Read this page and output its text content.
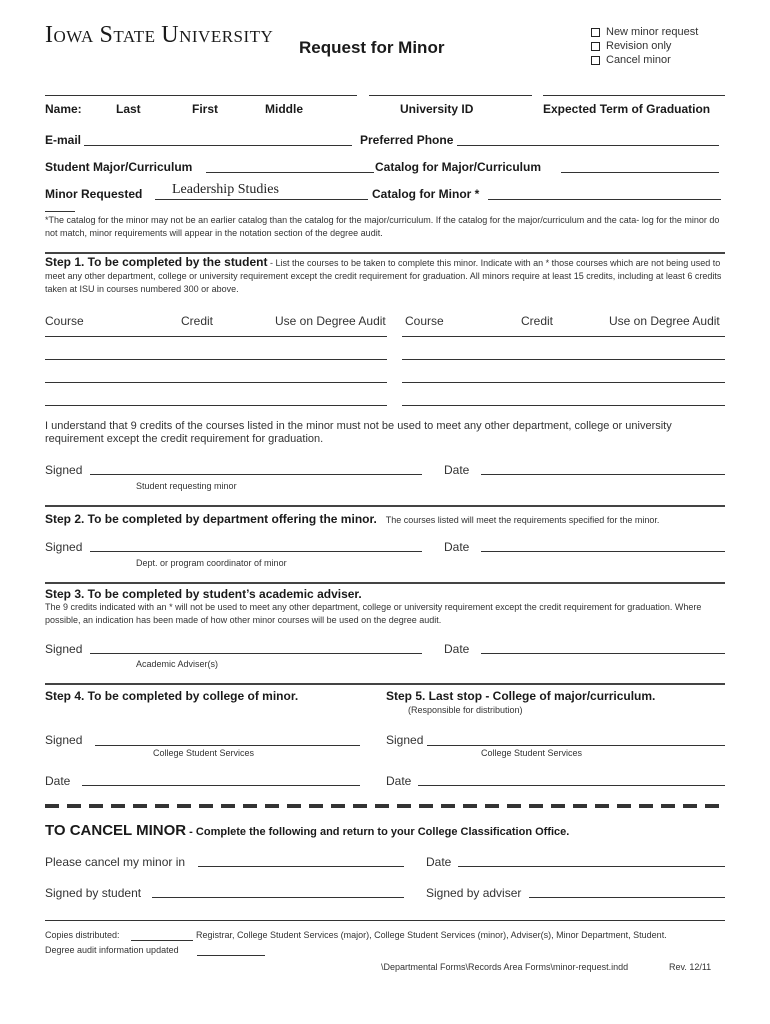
IOWA STATE UNIVERSITY
Request for Minor
New minor request
Revision only
Cancel minor
Name:	Last	First	Middle	University ID	Expected Term of Graduation
E-mail	Preferred Phone
Student Major/Curriculum	Catalog for Major/Curriculum
Minor Requested Leadership Studies	Catalog for Minor *
*The catalog for the minor may not be an earlier catalog than the catalog for the major/curriculum. If the catalog for the major/curriculum and the cata- log for the minor do not match, minor requirements will appear in the notation section of the degree audit.
Step 1. To be completed by the student - List the courses to be taken to complete this minor. Indicate with an * those courses which are not being used to meet any other department, college or university requirement except the credit requirement for graduation. All minors require at least 15 credits, including at least 6 credits taken at ISU in courses numbered 300 or above.
Course	Credit	Use on Degree Audit Course	Credit	Use on Degree Audit
I understand that 9 credits of the courses listed in the minor must not be used to meet any other department, college or university requirement except the credit requirement for graduation.
Signed	Date
Student requesting minor
Step 2. To be completed by department offering the minor. The courses listed will meet the requirements specified for the minor.
Signed	Date
Dept. or program coordinator of minor
Step 3. To be completed by student’s academic adviser.
The 9 credits indicated with an * will not be used to meet any other department, college or university requirement except the credit requirement for graduation. Where possible, an indication has been made of how other minor courses will be used on the degree audit.
Signed	Date
Academic Adviser(s)
Step 4. To be completed by college of minor.	Step 5. Last stop - College of major/curriculum.
(Responsible for distribution)
Signed
College Student Services
Signed
College Student Services
Date	Date
TO CANCEL MINOR - Complete the following and return to your College Classification Office.
Please cancel my minor in	Date
Signed by student	Signed by adviser
Copies distributed:	Registrar, College Student Services (major), College Student Services (minor), Adviser(s), Minor Department, Student.
Degree audit information updated
\Departmental Forms\Records Area Forms\minor-request.indd	Rev. 12/11
